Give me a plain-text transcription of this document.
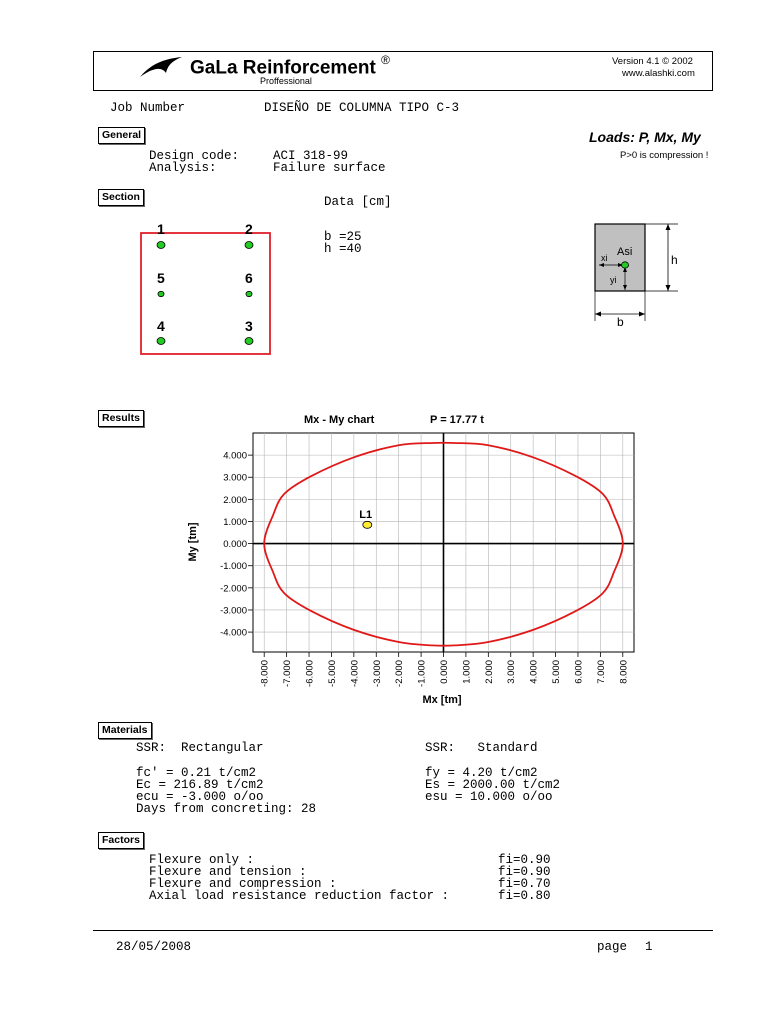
GaLa Reinforcement ®
Proffessional
Version 4.1 © 2002
www.alashki.com
Job Number	DISEÑO DE COLUMNA TIPO C-3
General
Design code:	ACI 318-99
Analysis:	Failure surface
Loads: P, Mx, My
P>0 is compression !
Section	Data [cm]
b =25
h =40
1	2
5	6
4	3
h
b
xi Asi
yi
Results	Mx - My chart	P = 17.77 t
Mx [tm]
My [tm]
-8.000 -7.000 -6.000 -5.000 -4.000 -3.000 -2.000 -1.000 0.000 1.000 2.000 3.000 4.000 5.000 6.000 7.000 8.000
4.000
3.000
2.000
1.000
0.000
-1.000
-2.000
-3.000
-4.000
L1
Materials
SSR:  Rectangular	SSR:   Standard
fc' = 0.21 t/cm2
Ec = 216.89 t/cm2
ecu = -3.000 o/oo
Days from concreting: 28
fy = 4.20 t/cm2
Es = 2000.00 t/cm2
esu = 10.000 o/oo
Factors
Flexure only :	fi=0.90
Flexure and tension :	fi=0.90
Flexure and compression :	fi=0.70
Axial load resistance reduction factor :	fi=0.80
28/05/2008	page 1
